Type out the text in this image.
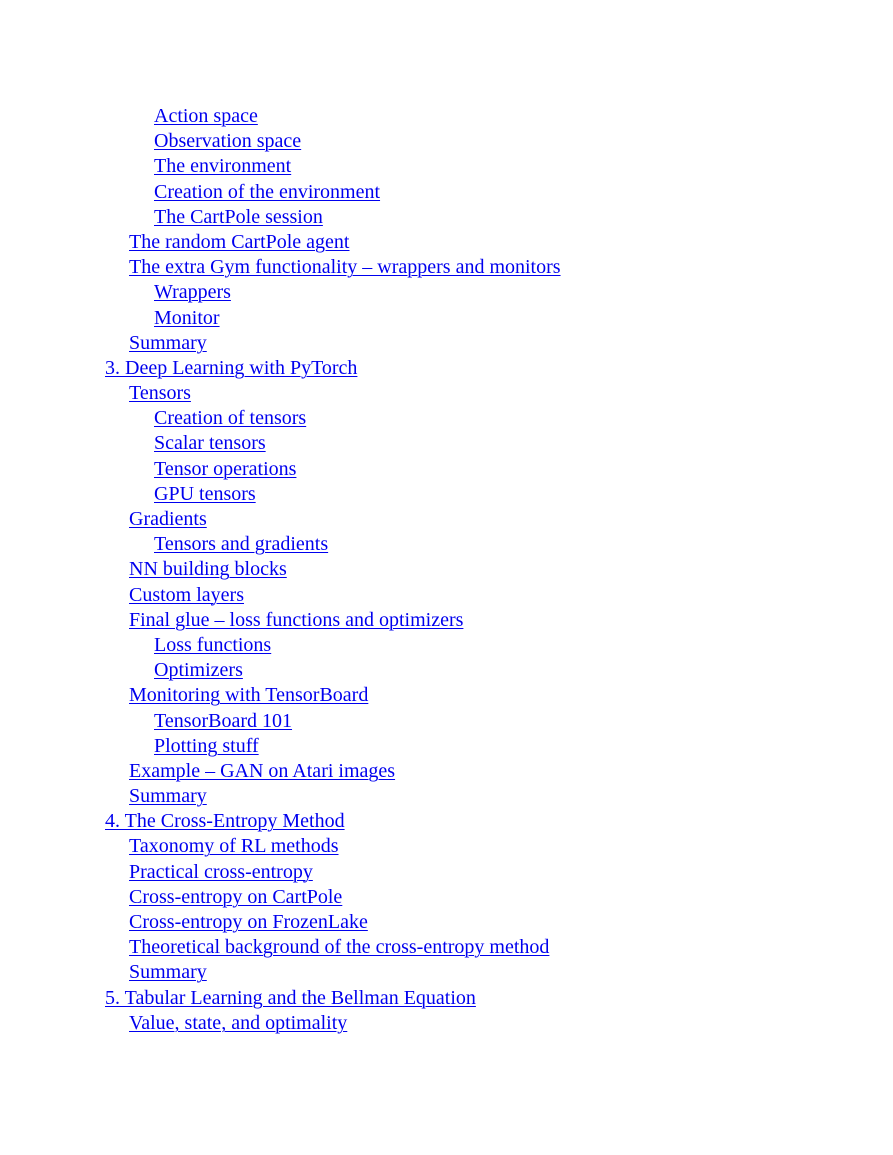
Action space
Observation space
The environment
Creation of the environment
The CartPole session
The random CartPole agent
The extra Gym functionality – wrappers and monitors
Wrappers
Monitor
Summary
3. Deep Learning with PyTorch
Tensors
Creation of tensors
Scalar tensors
Tensor operations
GPU tensors
Gradients
Tensors and gradients
NN building blocks
Custom layers
Final glue – loss functions and optimizers
Loss functions
Optimizers
Monitoring with TensorBoard
TensorBoard 101
Plotting stuff
Example – GAN on Atari images
Summary
4. The Cross-Entropy Method
Taxonomy of RL methods
Practical cross-entropy
Cross-entropy on CartPole
Cross-entropy on FrozenLake
Theoretical background of the cross-entropy method
Summary
5. Tabular Learning and the Bellman Equation
Value, state, and optimality
